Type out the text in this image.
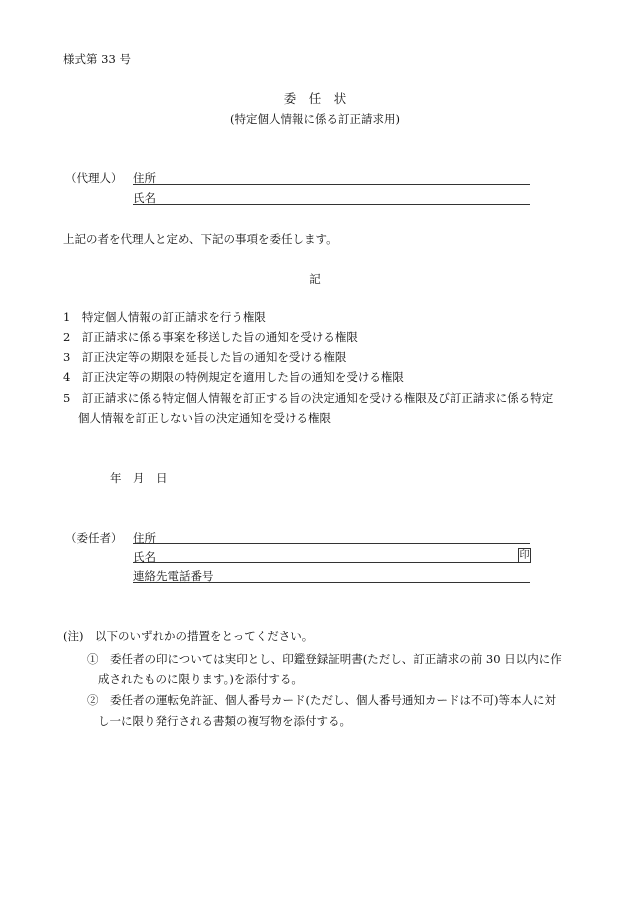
様式第 33 号
委　任　状
(特定個人情報に係る訂正請求用)
（代理人） 住所
氏名
上記の者を代理人と定め、下記の事項を委任します。
記
1　特定個人情報の訂正請求を行う権限
2　訂正請求に係る事案を移送した旨の通知を受ける権限
3　訂正決定等の期限を延長した旨の通知を受ける権限
4　訂正決定等の期限の特例規定を適用した旨の通知を受ける権限
5　訂正請求に係る特定個人情報を訂正する旨の決定通知を受ける権限及び訂正請求に係る特定
個人情報を訂正しない旨の決定通知を受ける権限
年　月　日
（委任者） 住所
氏名	印
連絡先電話番号
(注)　以下のいずれかの措置をとってください。
①　委任者の印については実印とし、印鑑登録証明書(ただし、訂正請求の前 30 日以内に作
成されたものに限ります。)を添付する。
②　委任者の運転免許証、個人番号カード(ただし、個人番号通知カードは不可)等本人に対
し一に限り発行される書類の複写物を添付する。
